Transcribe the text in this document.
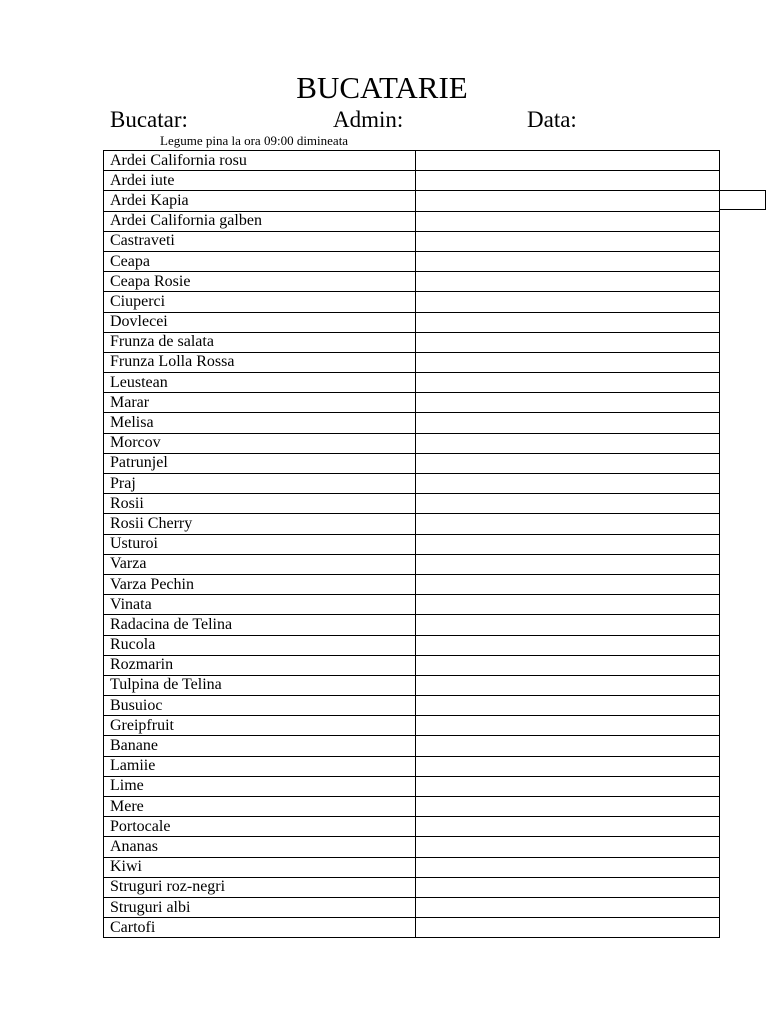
BUCATARIE
Bucatar:	Admin:	Data:
Legume pina la ora 09:00 dimineata
Ardei California rosu	
Ardei iute	
Ardei Kapia	
Ardei California galben	
Castraveti	
Ceapa	
Ceapa Rosie	
Ciuperci	
Dovlecei	
Frunza de salata	
Frunza Lolla Rossa	
Leustean	
Marar	
Melisa	
Morcov	
Patrunjel	
Praj	
Rosii	
Rosii Cherry	
Usturoi	
Varza	
Varza Pechin	
Vinata	
Radacina de Telina	
Rucola	
Rozmarin	
Tulpina de Telina	
Busuioc	
Greipfruit	
Banane	
Lamiie	
Lime	
Mere	
Portocale	
Ananas	
Kiwi	
Struguri roz-negri	
Struguri albi	
Cartofi	
